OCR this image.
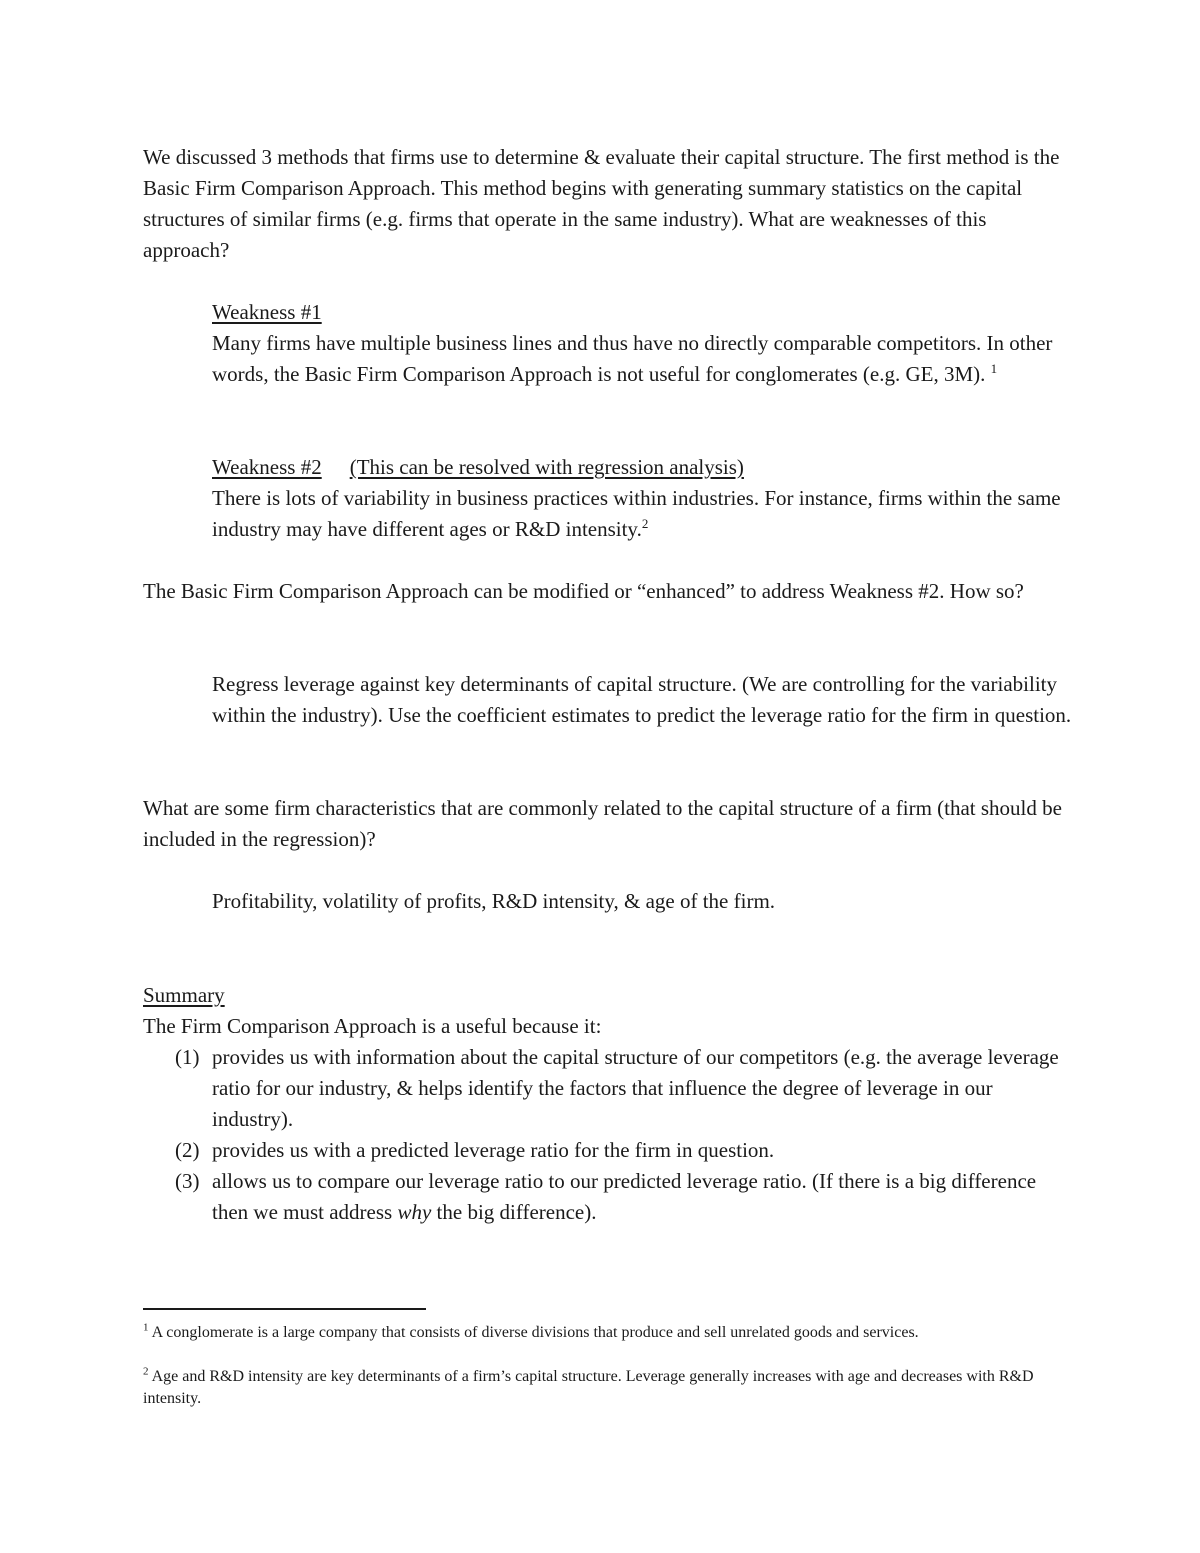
We discussed 3 methods that firms use to determine & evaluate their capital structure. The first method is the Basic Firm Comparison Approach. This method begins with generating summary statistics on the capital structures of similar firms (e.g. firms that operate in the same industry). What are weaknesses of this approach?

Weakness #1
Many firms have multiple business lines and thus have no directly comparable competitors. In other words, the Basic Firm Comparison Approach is not useful for conglomerates (e.g. GE, 3M). $^1$
Weakness #2 (This can be resolved with regression analysis)
There is lots of variability in business practices within industries. For instance, firms within the same industry may have different ages or R&D intensity.$^2$

The Basic Firm Comparison Approach can be modified or “enhanced” to address Weakness #2. How so?

Regress leverage against key determinants of capital structure. (We are controlling for the variability within the industry). Use the coefficient estimates to predict the leverage ratio for the firm in question.

What are some firm characteristics that are commonly related to the capital structure of a firm (that should be included in the regression)?

Profitability, volatility of profits, R&D intensity, & age of the firm.

Summary
The Firm Comparison Approach is a useful because it:
(1) provides us with information about the capital structure of our competitors (e.g. the average leverage ratio for our industry, & helps identify the factors that influence the degree of leverage in our industry).
(2) provides us with a predicted leverage ratio for the firm in question.
(3) allows us to compare our leverage ratio to our predicted leverage ratio. (If there is a big difference then we must address why the big difference).
$^1$ A conglomerate is a large company that consists of diverse divisions that produce and sell unrelated goods and services.
$^2$ Age and R&D intensity are key determinants of a firm’s capital structure. Leverage generally increases with age and decreases with R&D intensity.
